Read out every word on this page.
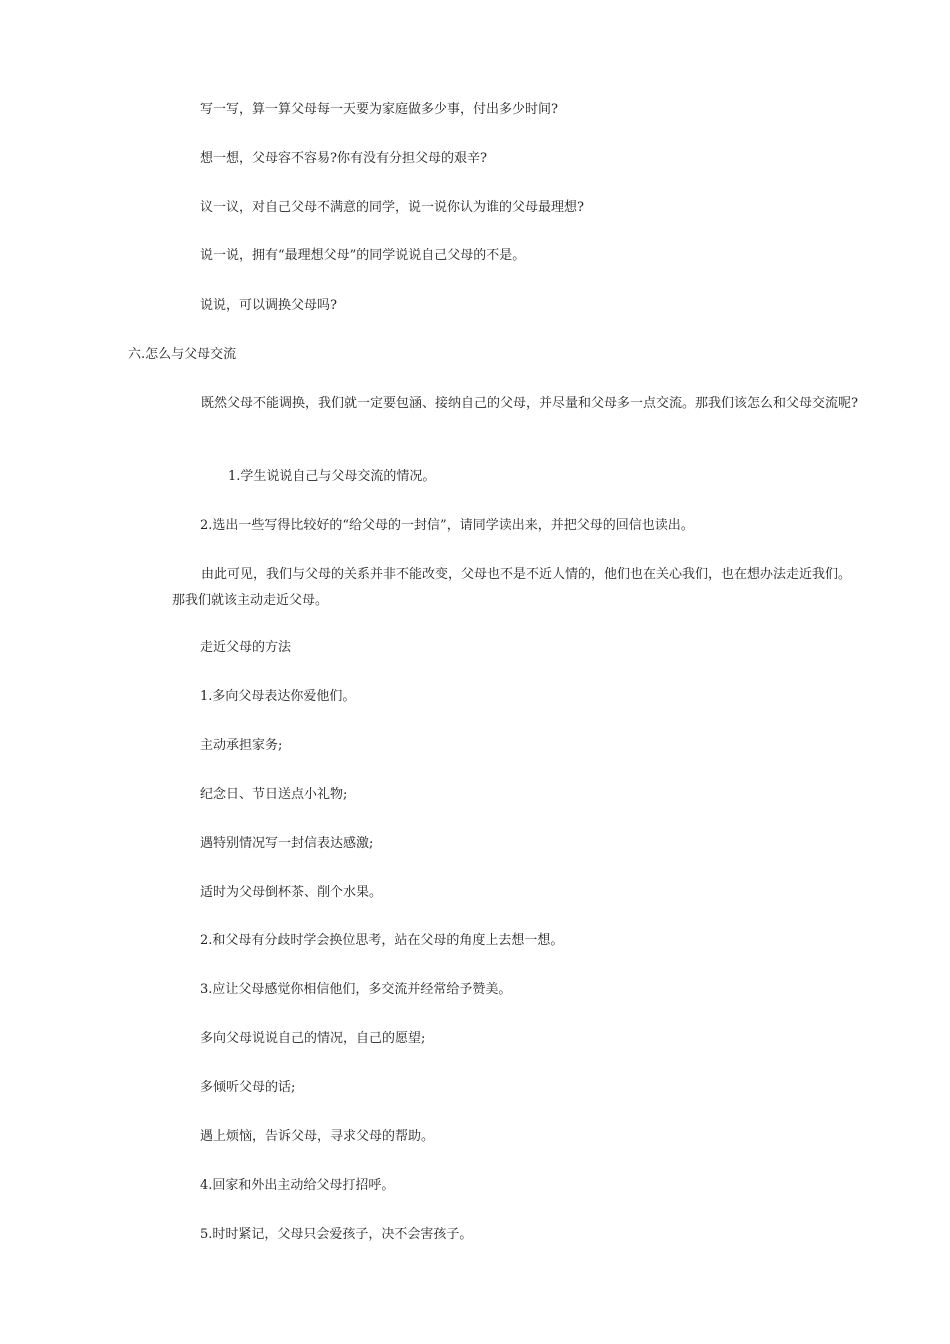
写一写，算一算父母每一天要为家庭做多少事，付出多少时间?

想一想，父母容不容易?你有没有分担父母的艰辛?

议一议，对自己父母不满意的同学，说一说你认为谁的父母最理想?

说一说，拥有“最理想父母”的同学说说自己父母的不是。

说说，可以调换父母吗?

六.怎么与父母交流

既然父母不能调换，我们就一定要包涵、接纳自己的父母，并尽量和父母多一点交流。那我们该怎么和父母交流呢?

1.学生说说自己与父母交流的情况。

2.选出一些写得比较好的“给父母的一封信”，请同学读出来，并把父母的回信也读出。

由此可见，我们与父母的关系并非不能改变，父母也不是不近人情的，他们也在关心我们，也在想办法走近我们。那我们就该主动走近父母。

走近父母的方法

1.多向父母表达你爱他们。

主动承担家务;

纪念日、节日送点小礼物;

遇特别情况写一封信表达感激;

适时为父母倒杯茶、削个水果。

2.和父母有分歧时学会换位思考，站在父母的角度上去想一想。

3.应让父母感觉你相信他们，多交流并经常给予赞美。

多向父母说说自己的情况，自己的愿望;

多倾听父母的话;

遇上烦恼，告诉父母，寻求父母的帮助。

4.回家和外出主动给父母打招呼。

5.时时紧记，父母只会爱孩子，决不会害孩子。
